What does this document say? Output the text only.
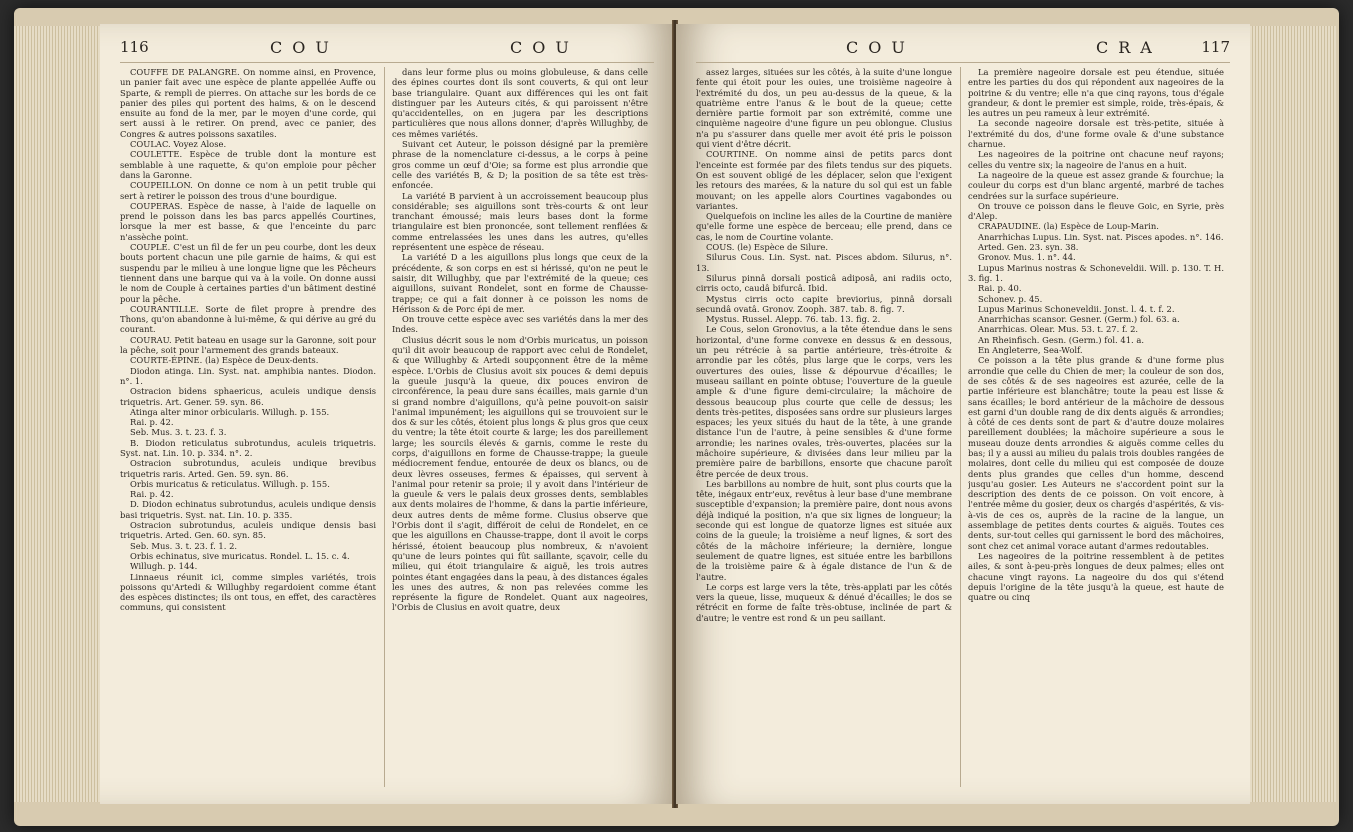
116	COU	COU

COUFFE DE PALANGRE. On nomme ainsi, en Provence, un panier fait avec une espèce de plante appellée Auffe ou Sparte, & rempli de pierres. On attache sur les bords de ce panier des piles qui portent des haims, & on le descend ensuite au fond de la mer, par le moyen d'une corde, qui sert aussi à le retirer. On prend, avec ce panier, des Congres & autres poissons saxatiles.

COULAC. Voyez Alose.

COULETTE. Espèce de truble dont la monture est semblable à une raquette, & qu'on emploie pour pêcher dans la Garonne.

COUPEILLON. On donne ce nom à un petit truble qui sert à retirer le poisson des trous d'une bourdigue.

COUPERAS. Espèce de nasse, à l'aide de laquelle on prend le poisson dans les bas parcs appellés Courtines, lorsque la mer est basse, & que l'enceinte du parc n'assèche point.

COUPLE. C'est un fil de fer un peu courbe, dont les deux bouts portent chacun une pile garnie de haims, & qui est suspendu par le milieu à une longue ligne que les Pêcheurs tiennent dans une barque qui va à la voile. On donne aussi le nom de Couple à certaines parties d'un bâtiment destiné pour la pêche.

COURANTILLE. Sorte de filet propre à prendre des Thons, qu'on abandonne à lui-même, & qui dérive au gré du courant.

COURAU. Petit bateau en usage sur la Garonne, soit pour la pêche, soit pour l'armement des grands bateaux.

COURTE-ÉPINE. (la) Espèce de Deux-dents.

Diodon atinga. Lin. Syst. nat. amphibia nantes. Diodon. n°. 1.

Ostracion bidens sphaericus, aculeis undique densis triquetris. Art. Gener. 59. syn. 86.

Atinga alter minor orbicularis. Willugh. p. 155.

Rai. p. 42.

Seb. Mus. 3. t. 23. f. 3.

B. Diodon reticulatus subrotundus, aculeis triquetris. Syst. nat. Lin. 10. p. 334. n°. 2.

Ostracion subrotundus, aculeis undique brevibus triquetris raris. Arted. Gen. 59. syn. 86.

Orbis muricatus & reticulatus. Willugh. p. 155.

Rai. p. 42.

D. Diodon echinatus subrotundus, aculeis undique densis basi triquetris. Syst. nat. Lin. 10. p. 335.

Ostracion subrotundus, aculeis undique densis basi triquetris. Arted. Gen. 60. syn. 85.

Seb. Mus. 3. t. 23. f. 1. 2.

Orbis echinatus, sive muricatus. Rondel. L. 15. c. 4.

Willugh. p. 144.

Linnaeus réunit ici, comme simples variétés, trois poissons qu'Artedi & Willughby regardoient comme étant des espèces distinctes; ils ont tous, en effet, des caractères communs, qui consistent

dans leur forme plus ou moins globuleuse, & dans celle des épines courtes dont ils sont couverts, & qui ont leur base triangulaire. Quant aux différences qui les ont fait distinguer par les Auteurs cités, & qui paroissent n'être qu'accidentelles, on en jugera par les descriptions particulières que nous allons donner, d'après Willughby, de ces mêmes variétés.

Suivant cet Auteur, le poisson désigné par la première phrase de la nomenclature ci-dessus, a le corps à peine gros comme un œuf d'Oie; sa forme est plus arrondie que celle des variétés B, & D; la position de sa tête est très-enfoncée.

La variété B parvient à un accroissement beaucoup plus considérable; ses aiguillons sont très-courts & ont leur tranchant émoussé; mais leurs bases dont la forme triangulaire est bien prononcée, sont tellement renflées & comme entrelassées les unes dans les autres, qu'elles représentent une espèce de réseau.

La variété D a les aiguillons plus longs que ceux de la précédente, & son corps en est si hérissé, qu'on ne peut le saisir, dit Willughby, que par l'extrémité de la queue; ces aiguillons, suivant Rondelet, sont en forme de Chausse-trappe; ce qui a fait donner à ce poisson les noms de Hérisson & de Porc épi de mer.

On trouve cette espèce avec ses variétés dans la mer des Indes.

Clusius décrit sous le nom d'Orbis muricatus, un poisson qu'il dit avoir beaucoup de rapport avec celui de Rondelet, & que Willughby & Artedi soupçonnent être de la même espèce. L'Orbis de Clusius avoit six pouces & demi depuis la gueule jusqu'à la queue, dix pouces environ de circonférence, la peau dure sans écailles, mais garnie d'un si grand nombre d'aiguillons, qu'à peine pouvoit-on saisir l'animal impunément; les aiguillons qui se trouvoient sur le dos & sur les côtés, étoient plus longs & plus gros que ceux du ventre; la tête étoit courte & large; les dos pareillement large; les sourcils élevés & garnis, comme le reste du corps, d'aiguillons en forme de Chausse-trappe; la gueule médiocrement fendue, entourée de deux os blancs, ou de deux lèvres osseuses, fermes & épaisses, qui servent à l'animal pour retenir sa proie; il y avoit dans l'intérieur de la gueule & vers le palais deux grosses dents, semblables aux dents molaires de l'homme, & dans la partie inférieure, deux autres dents de même forme. Clusius observe que l'Orbis dont il s'agit, différoit de celui de Rondelet, en ce que les aiguillons en Chausse-trappe, dont il avoit le corps hérissé, étoient beaucoup plus nombreux, & n'avoient qu'une de leurs pointes qui fût saillante, sçavoir, celle du milieu, qui étoit triangulaire & aiguë, les trois autres pointes étant engagées dans la peau, à des distances égales les unes des autres, & non pas relevées comme les représente la figure de Rondelet. Quant aux nageoires, l'Orbis de Clusius en avoit quatre, deux

COU	CRA	117

assez larges, situées sur les côtés, à la suite d'une longue fente qui étoit pour les ouies, une troisième nageoire à l'extrémité du dos, un peu au-dessus de la queue, & la quatrième entre l'anus & le bout de la queue; cette dernière partie formoit par son extrémité, comme une cinquième nageoire d'une figure un peu oblongue. Clusius n'a pu s'assurer dans quelle mer avoit été pris le poisson qui vient d'être décrit.

COURTINE. On nomme ainsi de petits parcs dont l'enceinte est formée par des filets tendus sur des piquets. On est souvent obligé de les déplacer, selon que l'exigent les retours des marées, & la nature du sol qui est un fable mouvant; on les appelle alors Courtines vagabondes ou variantes.

Quelquefois on incline les ailes de la Courtine de manière qu'elle forme une espèce de berceau; elle prend, dans ce cas, le nom de Courtine volante.

COUS. (le) Espèce de Silure.

Silurus Cous. Lin. Syst. nat. Pisces abdom. Silurus, n°. 13.

Silurus pinnâ dorsali posticâ adiposâ, ani radiis octo, cirris octo, caudâ bifurcâ. Ibid.

Mystus cirris octo capite breviorius, pinnâ dorsali secundâ ovatâ. Gronov. Zooph. 387. tab. 8. fig. 7.

Mystus. Russel. Alepp. 76. tab. 13. fig. 2.

Le Cous, selon Gronovius, a la tête étendue dans le sens horizontal, d'une forme convexe en dessus & en dessous, un peu rétrécie à sa partie antérieure, très-étroite & arrondie par les côtés, plus large que le corps, vers les ouvertures des ouies, lisse & dépourvue d'écailles; le museau saillant en pointe obtuse; l'ouverture de la gueule ample & d'une figure demi-circulaire; la mâchoire de dessous beaucoup plus courte que celle de dessus; les dents très-petites, disposées sans ordre sur plusieurs larges espaces; les yeux situés du haut de la tête, à une grande distance l'un de l'autre, à peine sensibles & d'une forme arrondie; les narines ovales, très-ouvertes, placées sur la mâchoire supérieure, & divisées dans leur milieu par la première paire de barbillons, ensorte que chacune paroît être percée de deux trous.

Les barbillons au nombre de huit, sont plus courts que la tête, inégaux entr'eux, revêtus à leur base d'une membrane susceptible d'expansion; la première paire, dont nous avons déjà indiqué la position, n'a que six lignes de longueur; la seconde qui est longue de quatorze lignes est située aux coins de la gueule; la troisième a neuf lignes, & sort des côtés de la mâchoire inférieure; la dernière, longue seulement de quatre lignes, est située entre les barbillons de la troisième paire & à égale distance de l'un & de l'autre.

Le corps est large vers la tête, très-applati par les côtés vers la queue, lisse, muqueux & dénué d'écailles; le dos se rétrécit en forme de faîte très-obtuse, inclinée de part & d'autre; le ventre est rond & un peu saillant.

La première nageoire dorsale est peu étendue, située entre les parties du dos qui répondent aux nageoires de la poitrine & du ventre; elle n'a que cinq rayons, tous d'égale grandeur, & dont le premier est simple, roide, très-épais, & les autres un peu rameux à leur extrémité.

La seconde nageoire dorsale est très-petite, située à l'extrémité du dos, d'une forme ovale & d'une substance charnue.

Les nageoires de la poitrine ont chacune neuf rayons; celles du ventre six; la nageoire de l'anus en a huit.

La nageoire de la queue est assez grande & fourchue; la couleur du corps est d'un blanc argenté, marbré de taches cendrées sur la surface supérieure.

On trouve ce poisson dans le fleuve Goic, en Syrie, près d'Alep.

CRAPAUDINE. (la) Espèce de Loup-Marin.

Anarrhichas Lupus. Lin. Syst. nat. Pisces apodes. n°. 146.

Arted. Gen. 23. syn. 38.

Gronov. Mus. 1. n°. 44.

Lupus Marinus nostras & Schoneveldii. Will. p. 130. T. H. 3. fig. 1.

Rai. p. 40.

Schonev. p. 45.

Lupus Marinus Schoneveldii. Jonst. l. 4. t. f. 2.

Anarrhichas scansor. Gesner. (Germ.) fol. 63. a.

Anarrhicas. Olear. Mus. 53. t. 27. f. 2.

An Rheinfisch. Gesn. (Germ.) fol. 41. a.

En Angleterre, Sea-Wolf.

Ce poisson a la tête plus grande & d'une forme plus arrondie que celle du Chien de mer; la couleur de son dos, de ses côtés & de ses nageoires est azurée, celle de la partie inférieure est blanchâtre; toute la peau est lisse & sans écailles; le bord antérieur de la mâchoire de dessous est garni d'un double rang de dix dents aiguës & arrondies; à côté de ces dents sont de part & d'autre douze molaires pareillement doublées; la mâchoire supérieure a sous le museau douze dents arrondies & aiguës comme celles du bas; il y a aussi au milieu du palais trois doubles rangées de molaires, dont celle du milieu qui est composée de douze dents plus grandes que celles d'un homme, descend jusqu'au gosier. Les Auteurs ne s'accordent point sur la description des dents de ce poisson. On voit encore, à l'entrée même du gosier, deux os chargés d'aspérités, & vis-à-vis de ces os, auprès de la racine de la langue, un assemblage de petites dents courtes & aiguës. Toutes ces dents, sur-tout celles qui garnissent le bord des mâchoires, sont chez cet animal vorace autant d'armes redoutables.

Les nageoires de la poitrine ressemblent à de petites ailes, & sont à-peu-près longues de deux palmes; elles ont chacune vingt rayons. La nageoire du dos qui s'étend depuis l'origine de la tête jusqu'à la queue, est haute de quatre ou cinq
